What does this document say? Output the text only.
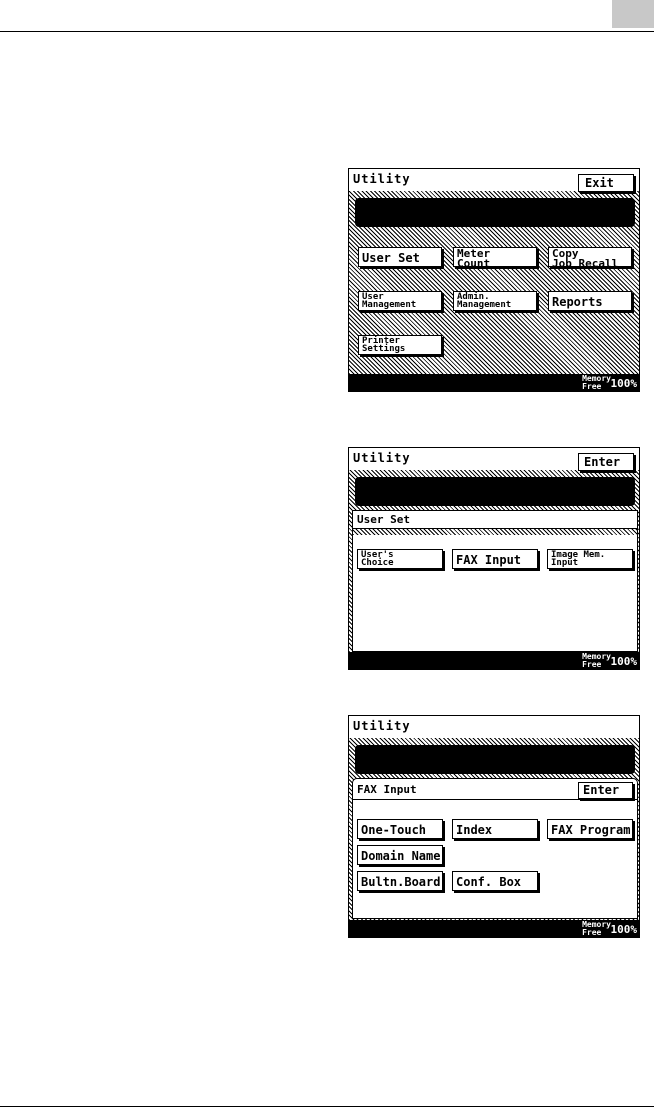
Utility	Exit
User Set	Meter
Count
Copy
Job Recall
User
Management
Admin.
Management	Reports
Printer
Settings
Memory
Free 100%
Utility	Enter
User Set
User's
Choice	FAX Input	Image Mem.
Input
Memory
Free 100%
Utility
FAX Input	Enter
One-Touch	Index	FAX Program
Domain Name
Bultn.Board	Conf. Box
Memory
Free 100%
